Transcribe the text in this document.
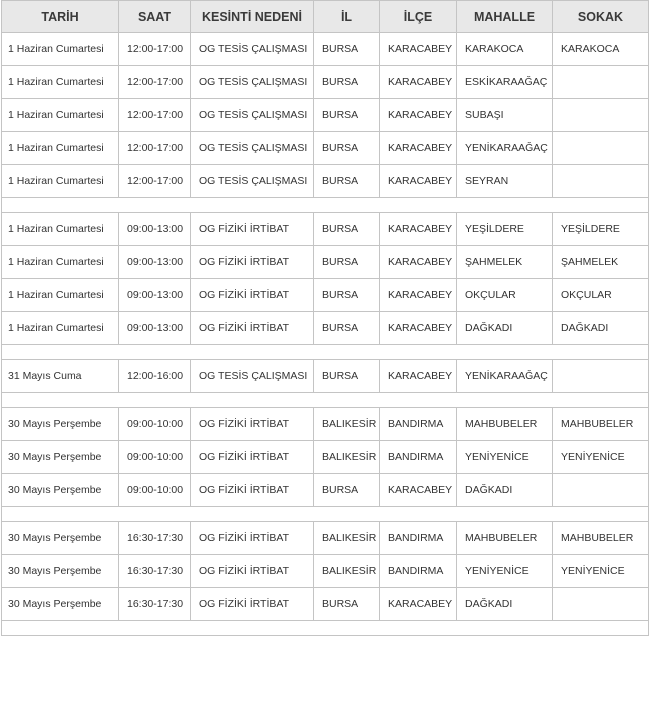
TARİH	SAAT	KESİNTİ NEDENİ	İL	İLÇE	MAHALLE	SOKAK
1 Haziran Cumartesi	12:00-17:00	OG TESİS ÇALIŞMASI	BURSA	KARACABEY	KARAKOCA	KARAKOCA
1 Haziran Cumartesi	12:00-17:00	OG TESİS ÇALIŞMASI	BURSA	KARACABEY	ESKİKARAAĞAÇ	
1 Haziran Cumartesi	12:00-17:00	OG TESİS ÇALIŞMASI	BURSA	KARACABEY	SUBAŞI	
1 Haziran Cumartesi	12:00-17:00	OG TESİS ÇALIŞMASI	BURSA	KARACABEY	YENİKARAAĞAÇ	
1 Haziran Cumartesi	12:00-17:00	OG TESİS ÇALIŞMASI	BURSA	KARACABEY	SEYRAN	

1 Haziran Cumartesi	09:00-13:00	OG FİZİKİ İRTİBAT	BURSA	KARACABEY	YEŞİLDERE	YEŞİLDERE
1 Haziran Cumartesi	09:00-13:00	OG FİZİKİ İRTİBAT	BURSA	KARACABEY	ŞAHMELEK	ŞAHMELEK
1 Haziran Cumartesi	09:00-13:00	OG FİZİKİ İRTİBAT	BURSA	KARACABEY	OKÇULAR	OKÇULAR
1 Haziran Cumartesi	09:00-13:00	OG FİZİKİ İRTİBAT	BURSA	KARACABEY	DAĞKADI	DAĞKADI

31 Mayıs Cuma	12:00-16:00	OG TESİS ÇALIŞMASI	BURSA	KARACABEY	YENİKARAAĞAÇ	

30 Mayıs Perşembe	09:00-10:00	OG FİZİKİ İRTİBAT	BALIKESİR	BANDIRMA	MAHBUBELER	MAHBUBELER
30 Mayıs Perşembe	09:00-10:00	OG FİZİKİ İRTİBAT	BALIKESİR	BANDIRMA	YENİYENİCE	YENİYENİCE
30 Mayıs Perşembe	09:00-10:00	OG FİZİKİ İRTİBAT	BURSA	KARACABEY	DAĞKADI	

30 Mayıs Perşembe	16:30-17:30	OG FİZİKİ İRTİBAT	BALIKESİR	BANDIRMA	MAHBUBELER	MAHBUBELER
30 Mayıs Perşembe	16:30-17:30	OG FİZİKİ İRTİBAT	BALIKESİR	BANDIRMA	YENİYENİCE	YENİYENİCE
30 Mayıs Perşembe	16:30-17:30	OG FİZİKİ İRTİBAT	BURSA	KARACABEY	DAĞKADI	
